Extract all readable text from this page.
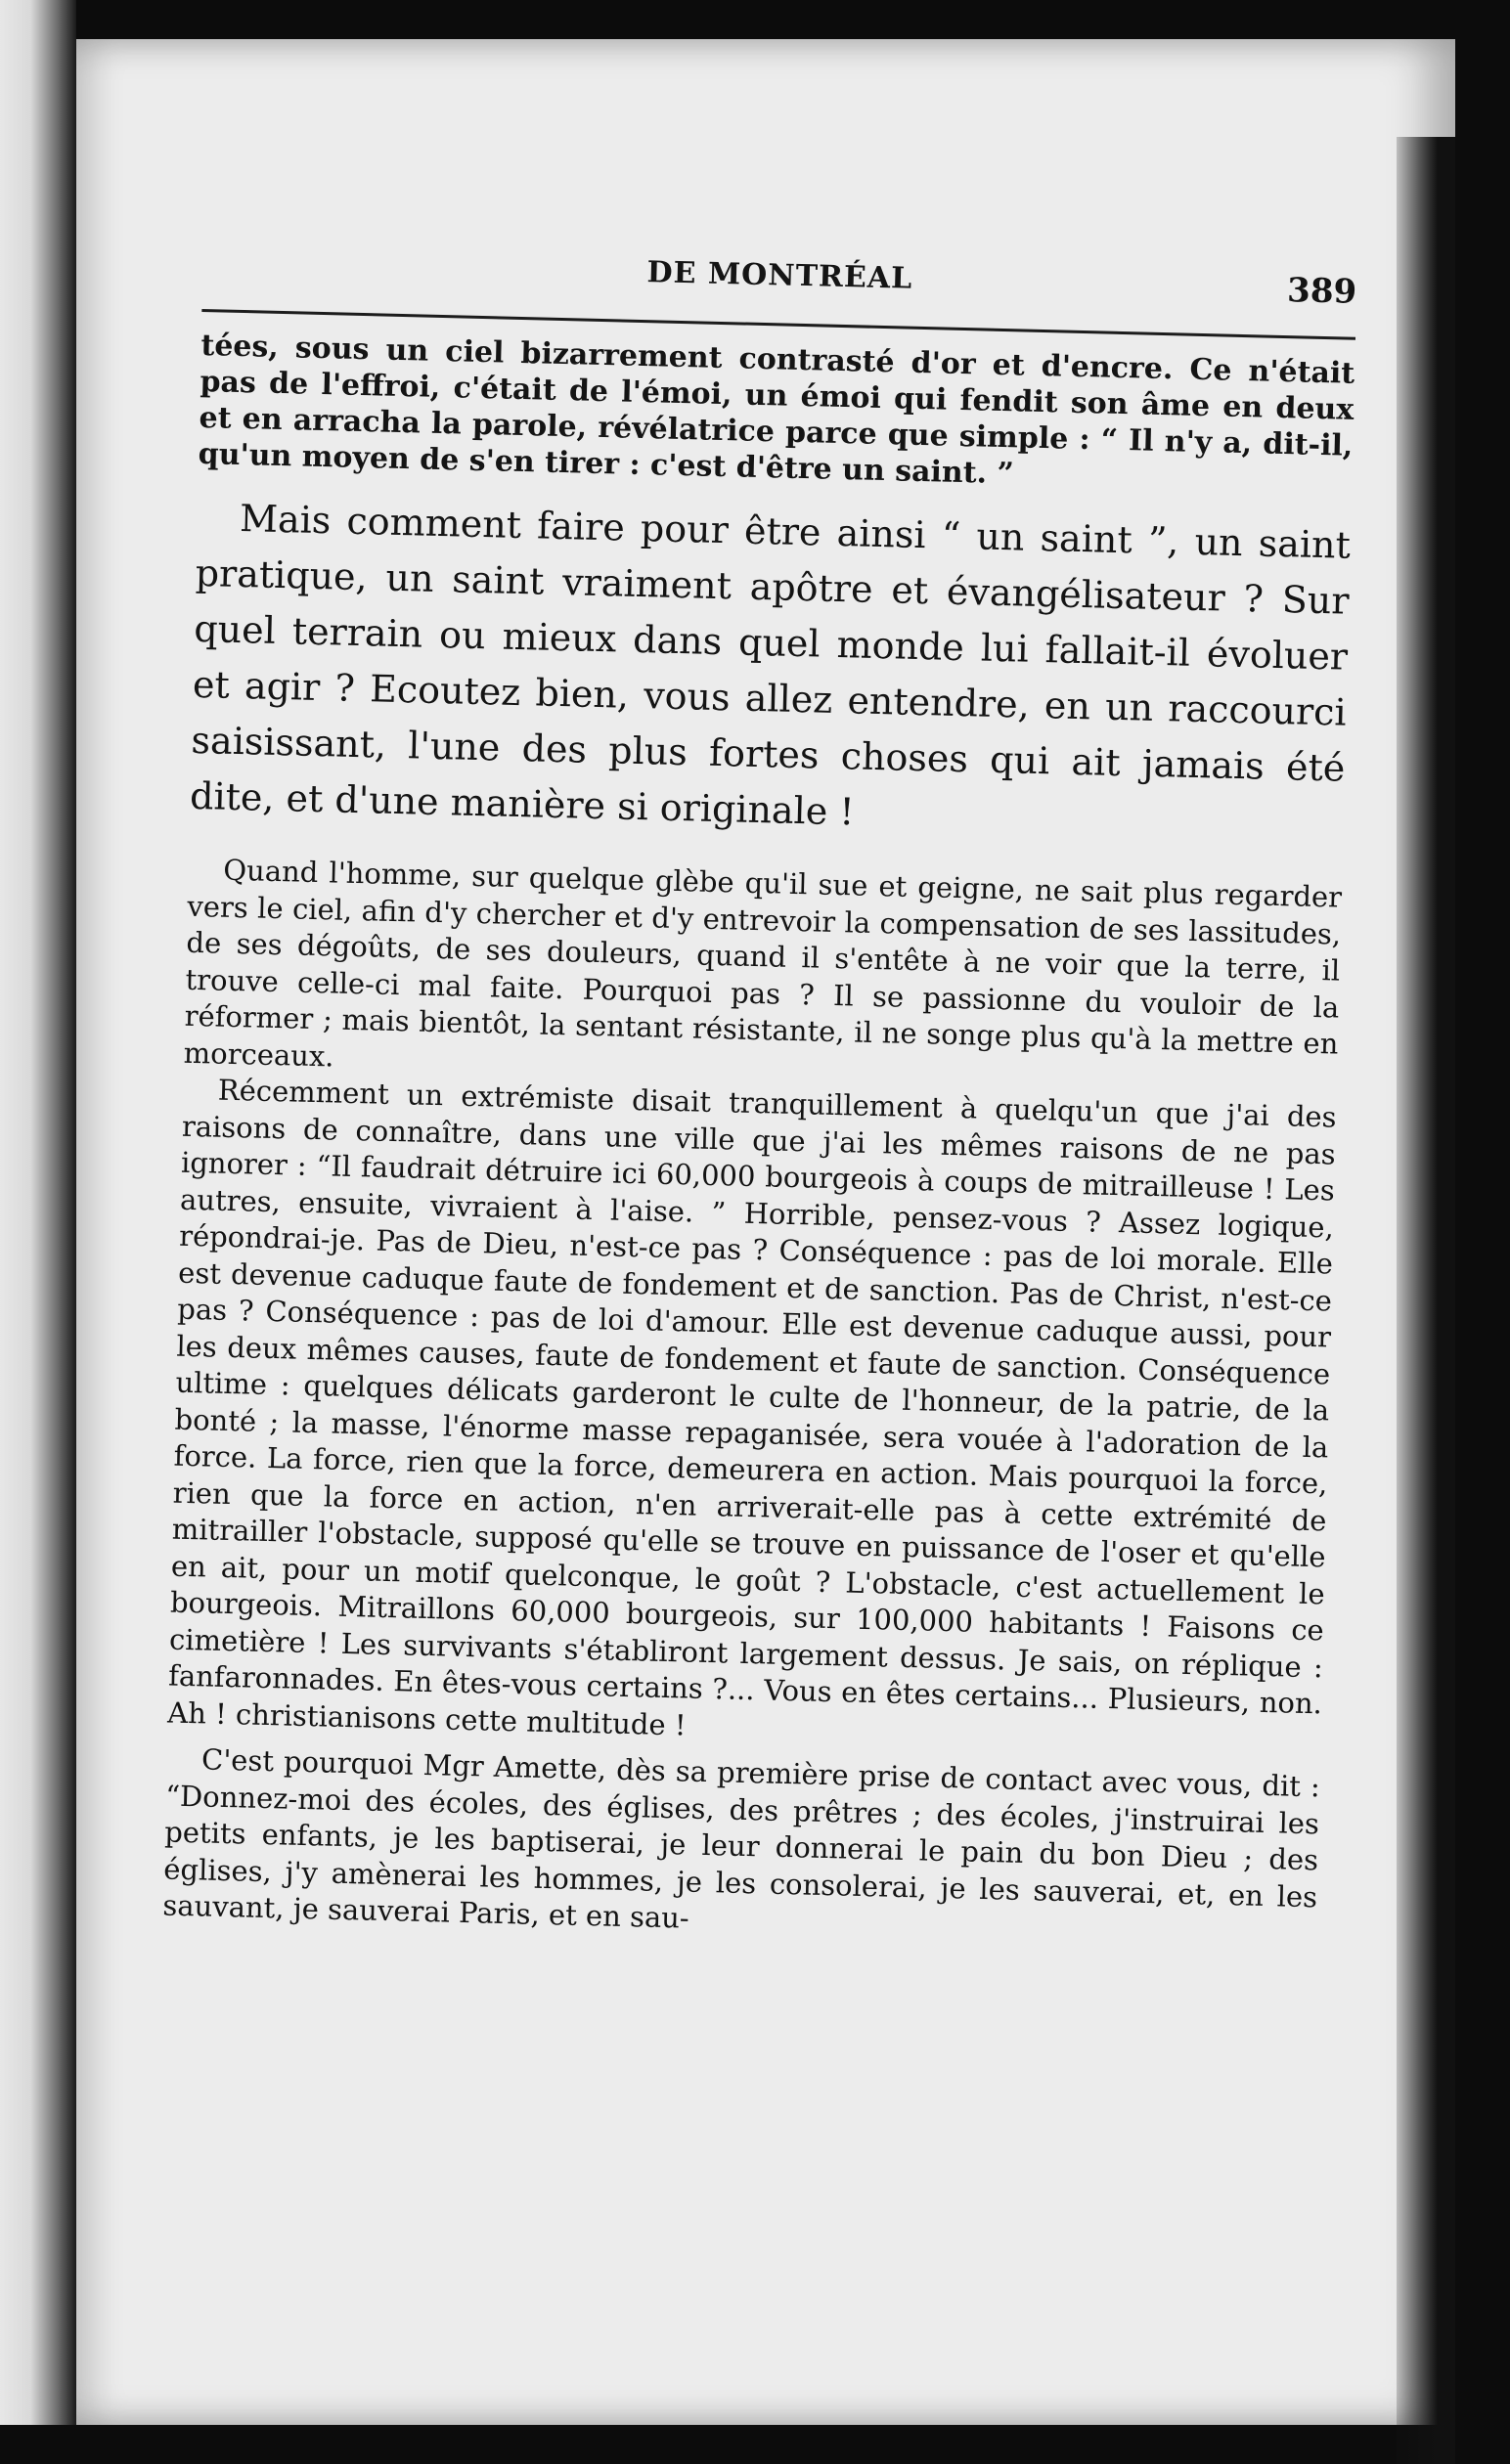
DE MONTRÉAL	389

tées, sous un ciel bizarrement contrasté d'or et d'encre. Ce n'était pas de l'effroi, c'était de l'émoi, un émoi qui fendit son âme en deux et en arracha la parole, révélatrice parce que simple : “ Il n'y a, dit-il, qu'un moyen de s'en tirer : c'est d'être un saint. ”

Mais comment faire pour être ainsi “ un saint ”, un saint pratique, un saint vraiment apôtre et évangélisateur ? Sur quel terrain ou mieux dans quel monde lui fallait-il évoluer et agir ? Ecoutez bien, vous allez entendre, en un raccourci saisissant, l'une des plus fortes choses qui ait jamais été dite, et d'une manière si originale !

Quand l'homme, sur quelque glèbe qu'il sue et geigne, ne sait plus regarder vers le ciel, afin d'y chercher et d'y entrevoir la compensation de ses lassitudes, de ses dégoûts, de ses douleurs, quand il s'entête à ne voir que la terre, il trouve celle-ci mal faite. Pourquoi pas ? Il se passionne du vouloir de la réformer ; mais bientôt, la sentant résistante, il ne songe plus qu'à la mettre en morceaux.

Récemment un extrémiste disait tranquillement à quelqu'un que j'ai des raisons de connaître, dans une ville que j'ai les mêmes raisons de ne pas ignorer : “Il faudrait détruire ici 60,000 bourgeois à coups de mitrailleuse ! Les autres, ensuite, vivraient à l'aise. ” Horrible, pensez-vous ? Assez logique, répondrai-je. Pas de Dieu, n'est-ce pas ? Conséquence : pas de loi morale. Elle est devenue caduque faute de fondement et de sanction. Pas de Christ, n'est-ce pas ? Conséquence : pas de loi d'amour. Elle est devenue caduque aussi, pour les deux mêmes causes, faute de fondement et faute de sanction. Conséquence ultime : quelques délicats garderont le culte de l'honneur, de la patrie, de la bonté ; la masse, l'énorme masse repaganisée, sera vouée à l'adoration de la force. La force, rien que la force, demeurera en action. Mais pourquoi la force, rien que la force en action, n'en arriverait-elle pas à cette extrémité de mitrailler l'obstacle, supposé qu'elle se trouve en puissance de l'oser et qu'elle en ait, pour un motif quelconque, le goût ? L'obstacle, c'est actuellement le bourgeois. Mitraillons 60,000 bourgeois, sur 100,000 habitants ! Faisons ce cimetière ! Les survivants s'établiront largement dessus. Je sais, on réplique : fanfaronnades. En êtes-vous certains ?... Vous en êtes certains... Plusieurs, non. Ah ! christianisons cette multitude !

C'est pourquoi Mgr Amette, dès sa première prise de contact avec vous, dit : “Donnez-moi des écoles, des églises, des prêtres ; des écoles, j'instruirai les petits enfants, je les baptiserai, je leur donnerai le pain du bon Dieu ; des églises, j'y amènerai les hommes, je les consolerai, je les sauverai, et, en les sauvant, je sauverai Paris, et en sau-
